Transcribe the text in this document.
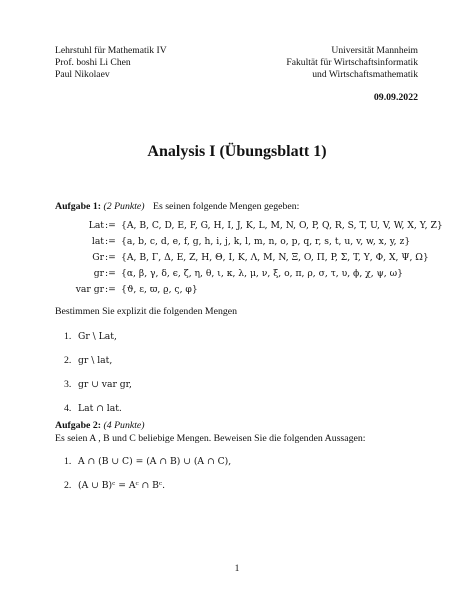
Lehrstuhl für Mathematik IV
Prof. boshi Li Chen
Paul Nikolaev
Universität Mannheim
Fakultät für Wirtschaftsinformatik
und Wirtschaftsmathematik
09.09.2022
Analysis I (Übungsblatt 1)
Aufgabe 1: (2 Punkte) Es seinen folgende Mengen gegeben:
Lat := {A, B, C, D, E, F, G, H, I, J, K, L, M, N, O, P, Q, R, S, T, U, V, W, X, Y, Z}
lat := {a, b, c, d, e, f, g, h, i, j, k, l, m, n, o, p, q, r, s, t, u, v, w, x, y, z}
Gr := {A, B, Γ, Δ, E, Z, H, Θ, I, K, Λ, M, N, Ξ, O, Π, P, Σ, T, Υ, Φ, X, Ψ, Ω}
gr := {α, β, γ, δ, ϵ, ζ, η, θ, ι, κ, λ, μ, ν, ξ, o, π, ρ, σ, τ, υ, ϕ, χ, ψ, ω}
var gr := {ϑ, ε, ϖ, ϱ, ς, φ}
Bestimmen Sie explizit die folgenden Mengen
1. Gr \ Lat,
2. gr \ lat,
3. gr ∪ var gr,
4. Lat ∩ lat.
Aufgabe 2: (4 Punkte)
Es seien A , B und C beliebige Mengen. Beweisen Sie die folgenden Aussagen:
1. A ∩ (B ∪ C) = (A ∩ B) ∪ (A ∩ C),
2. (A ∪ B)ᶜ = Aᶜ ∩ Bᶜ.
1
